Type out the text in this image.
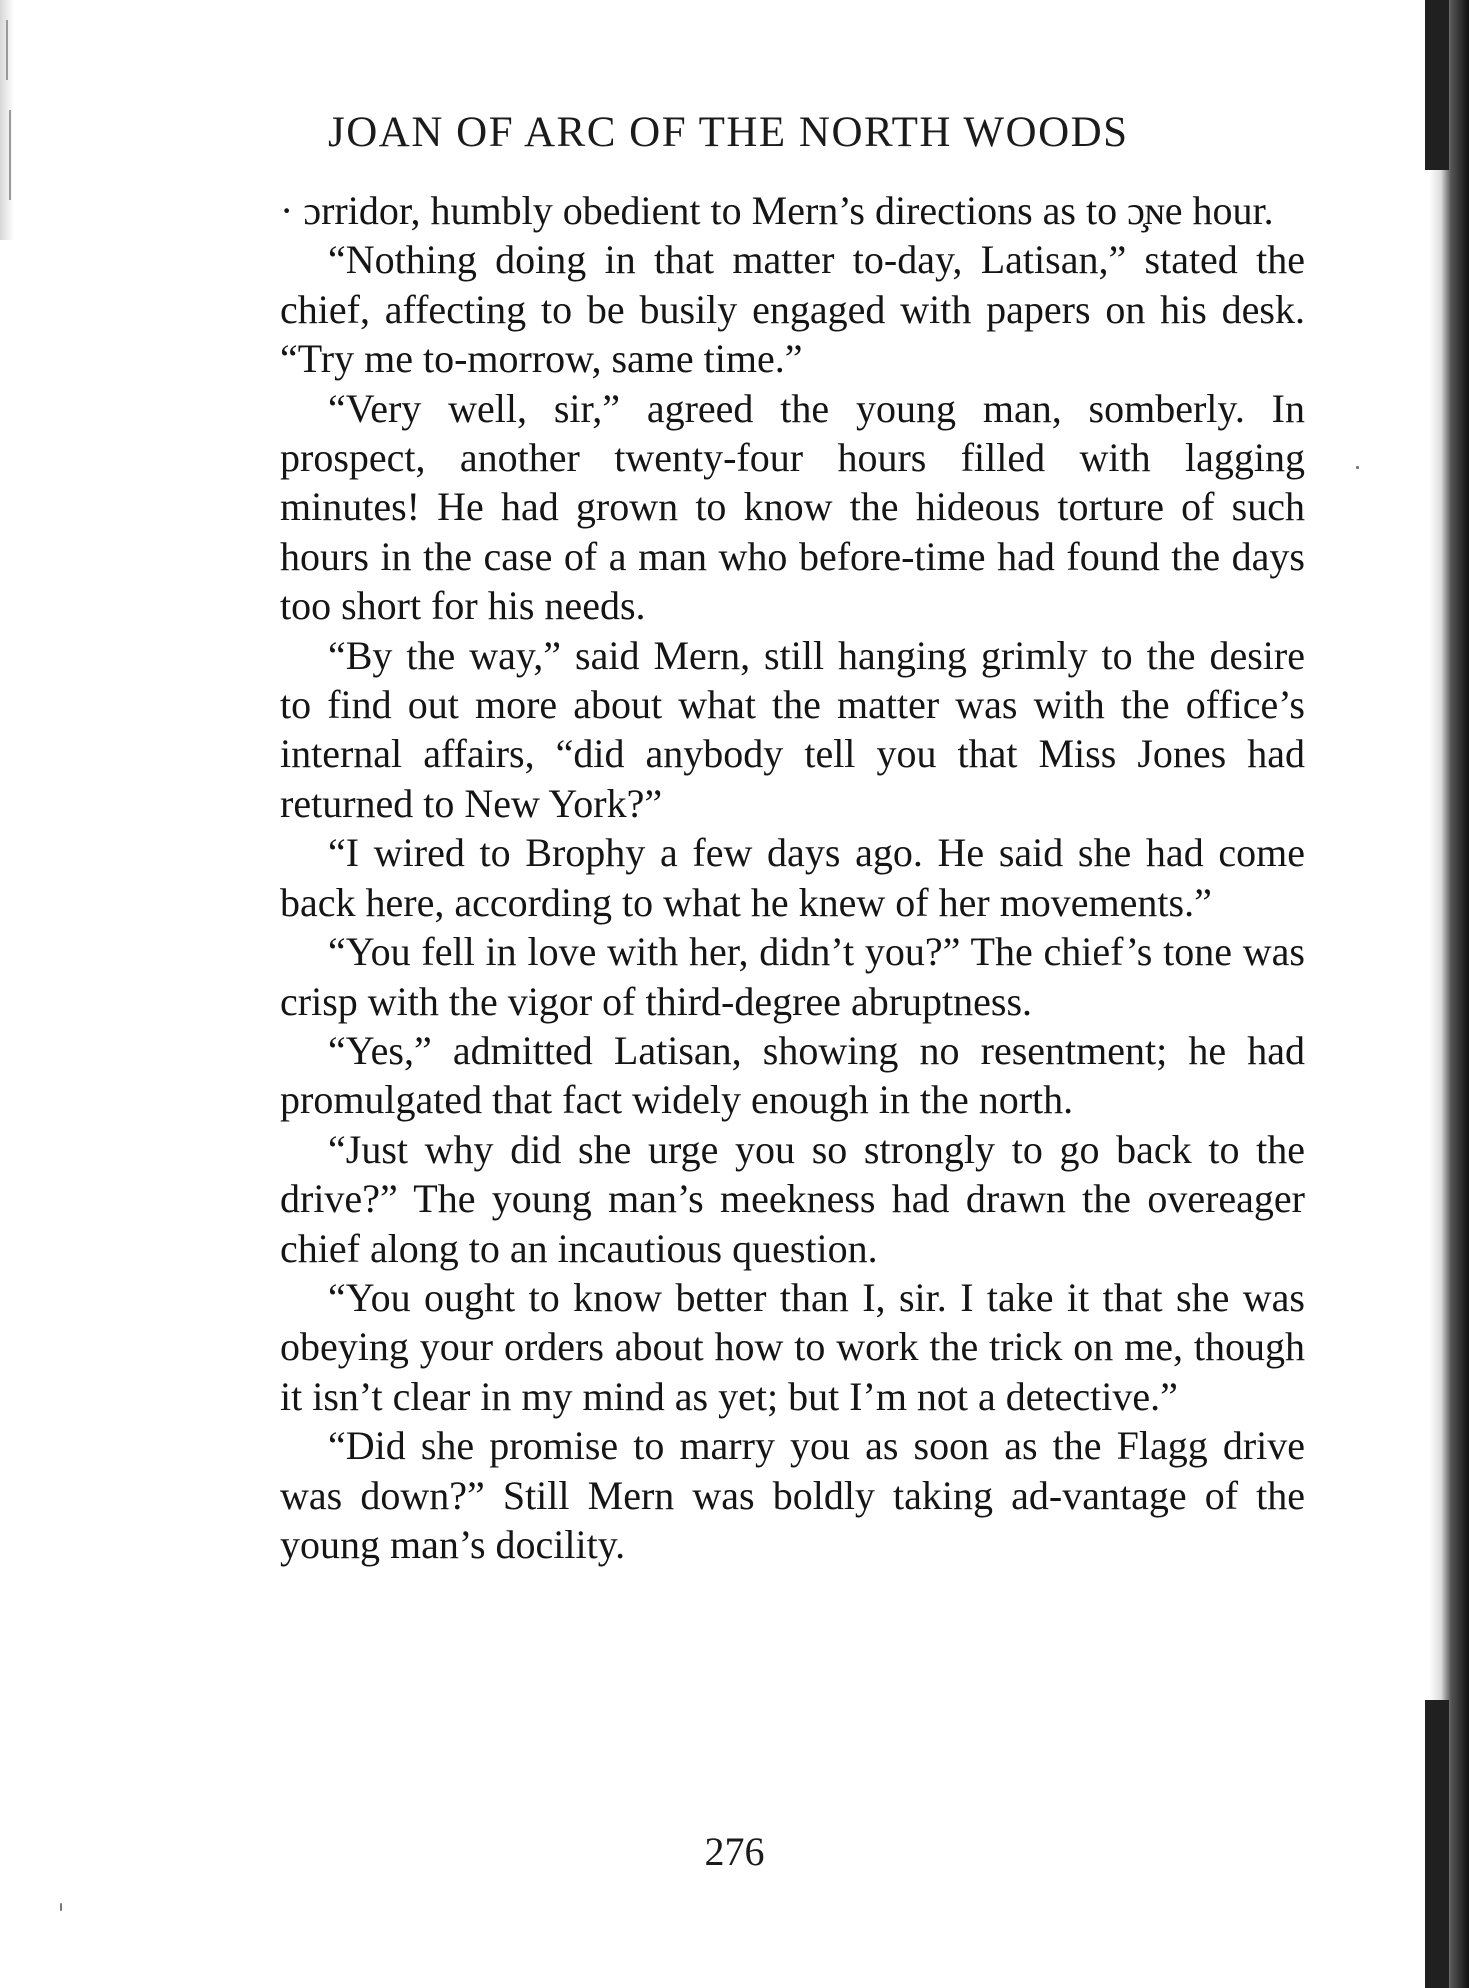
JOAN OF ARC OF THE NORTH WOODS

· ɔrridor, humbly obedient to Mern’s directions as to ɔ̧ɴe hour.

“Nothing doing in that matter to-day, Latisan,” stated the chief, affecting to be busily engaged with papers on his desk. “Try me to-morrow, same time.”

“Very well, sir,” agreed the young man, somberly. In prospect, another twenty-four hours filled with lagging minutes! He had grown to know the hideous torture of such hours in the case of a man who before-time had found the days too short for his needs.

“By the way,” said Mern, still hanging grimly to the desire to find out more about what the matter was with the office’s internal affairs, “did anybody tell you that Miss Jones had returned to New York?”

“I wired to Brophy a few days ago. He said she had come back here, according to what he knew of her movements.”

“You fell in love with her, didn’t you?” The chief’s tone was crisp with the vigor of third-degree abruptness.

“Yes,” admitted Latisan, showing no resentment; he had promulgated that fact widely enough in the north.

“Just why did she urge you so strongly to go back to the drive?” The young man’s meekness had drawn the overeager chief along to an incautious question.

“You ought to know better than I, sir. I take it that she was obeying your orders about how to work the trick on me, though it isn’t clear in my mind as yet; but I’m not a detective.”

“Did she promise to marry you as soon as the Flagg drive was down?” Still Mern was boldly taking ad-vantage of the young man’s docility.

276
